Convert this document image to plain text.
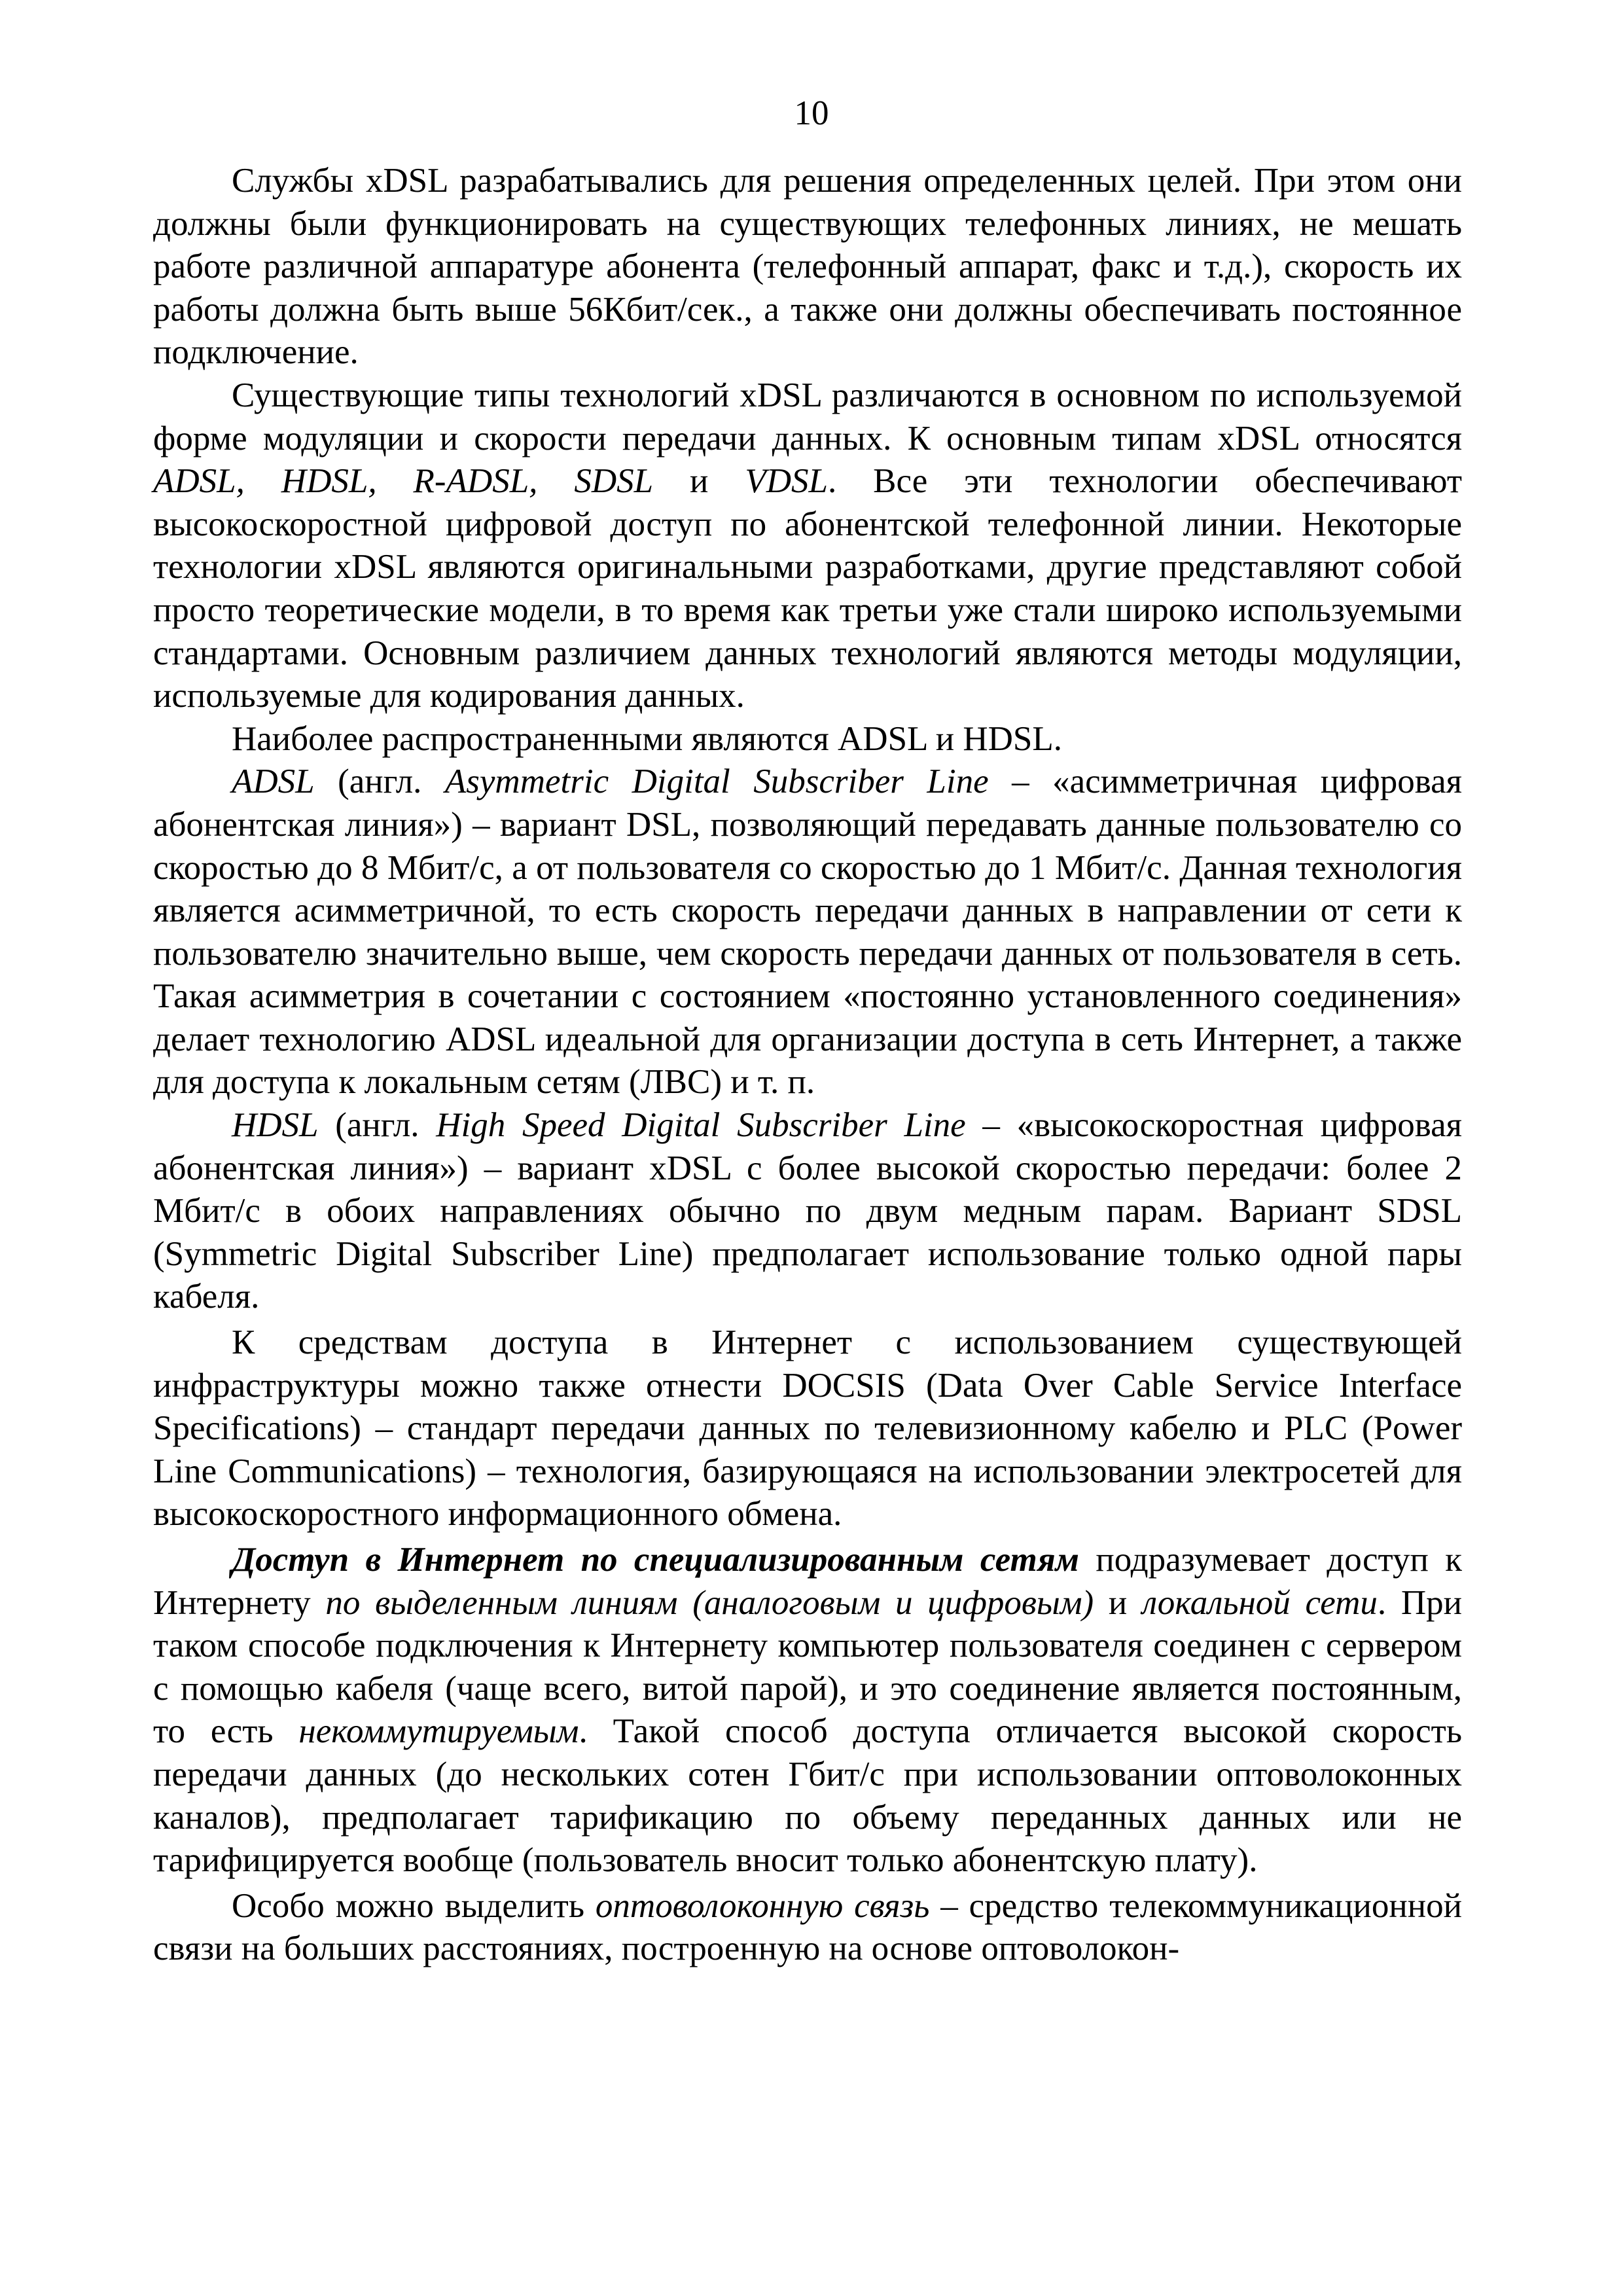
10

Службы xDSL разрабатывались для решения определенных целей. При этом они должны были функционировать на существующих телефонных линиях, не мешать работе различной аппаратуре абонента (телефонный аппарат, факс и т.д.), скорость их работы должна быть выше 56Кбит/сек., а также они должны обеспечивать постоянное подключение.

Существующие типы технологий xDSL различаются в основном по используемой форме модуляции и скорости передачи данных. К основным типам xDSL относятся ADSL, HDSL, R-ADSL, SDSL и VDSL. Все эти технологии обеспечивают высокоскоростной цифровой доступ по абонентской телефонной линии. Некоторые технологии xDSL являются оригинальными разработками, другие представляют собой просто теоретические модели, в то время как третьи уже стали широко используемыми стандартами. Основным различием данных технологий являются методы модуляции, используемые для кодирования данных.

Наиболее распространенными являются ADSL и HDSL.

ADSL (англ. Asymmetric Digital Subscriber Line – «асимметричная цифровая абонентская линия») – вариант DSL, позволяющий передавать данные пользователю со скоростью до 8 Мбит/с, а от пользователя со скоростью до 1 Мбит/с. Данная технология является асимметричной, то есть скорость передачи данных в направлении от сети к пользователю значительно выше, чем скорость передачи данных от пользователя в сеть. Такая асимметрия в сочетании с состоянием «постоянно установленного соединения» делает технологию ADSL идеальной для организации доступа в сеть Интернет, а также для доступа к локальным сетям (ЛВС) и т. п.

HDSL (англ. High Speed Digital Subscriber Line – «высокоскоростная цифровая абонентская линия») – вариант xDSL с более высокой скоростью передачи: более 2 Мбит/с в обоих направлениях обычно по двум медным парам. Вариант SDSL (Symmetric Digital Subscriber Line) предполагает использование только одной пары кабеля.

К средствам доступа в Интернет с использованием существующей инфраструктуры можно также отнести DOCSIS (Data Over Cable Service Interface Specifications) – стандарт передачи данных по телевизионному кабелю и PLC (Power Line Communications) – технология, базирующаяся на использовании электросетей для высокоскоростного информационного обмена.

Доступ в Интернет по специализированным сетям подразумевает доступ к Интернету по выделенным линиям (аналоговым и цифровым) и локальной сети. При таком способе подключения к Интернету компьютер пользователя соединен с сервером с помощью кабеля (чаще всего, витой парой), и это соединение является постоянным, то есть некоммутируемым. Такой способ доступа отличается высокой скорость передачи данных (до нескольких сотен Гбит/с при использовании оптоволоконных каналов), предполагает тарификацию по объему переданных данных или не тарифицируется вообще (пользователь вносит только абонентскую плату).

Особо можно выделить оптоволоконную связь – средство телекоммуникационной связи на больших расстояниях, построенную на основе оптоволокон-
